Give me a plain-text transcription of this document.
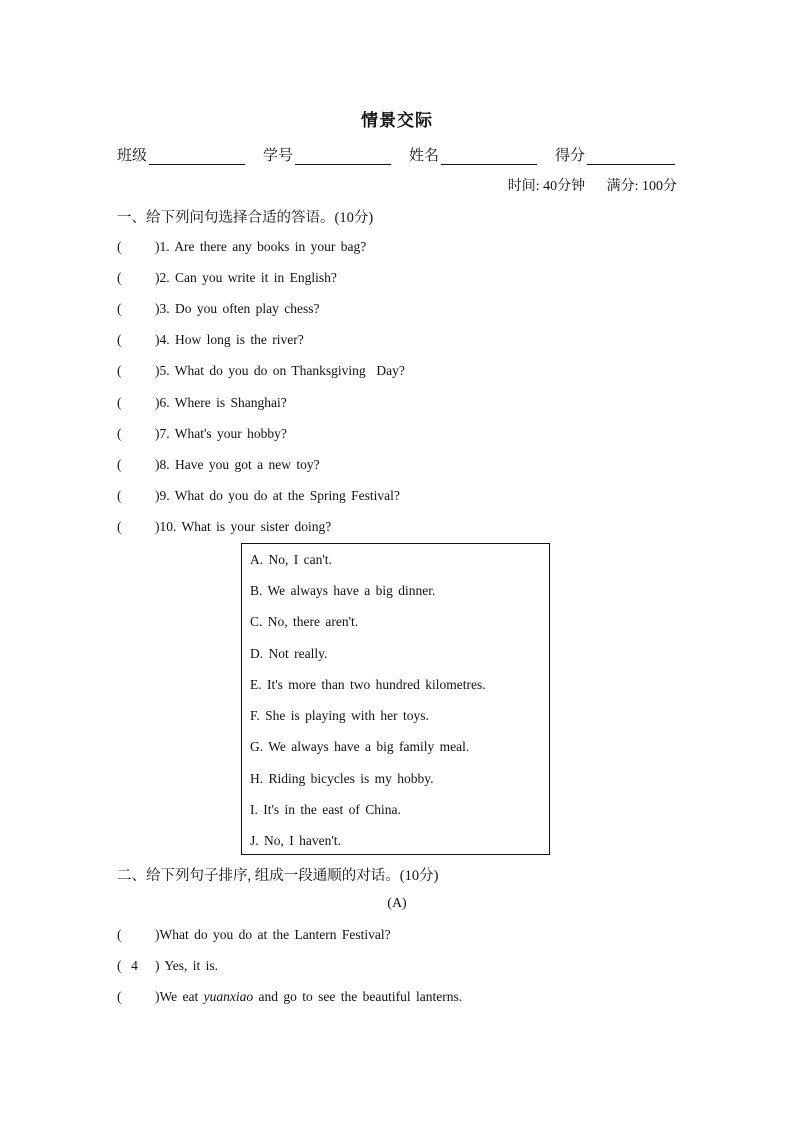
情景交际
班级	学号	姓名	得分
时间: 40分钟 满分: 100分
一、给下列问句选择合适的答语。(10分)
( )1. Are there any books in your bag?
( )2. Can you write it in English?
( )3. Do you often play chess?
( )4. How long is the river?
( )5. What do you do on Thanksgiving  Day?
( )6. Where is Shanghai?
( )7. What's your hobby?
( )8. Have you got a new toy?
( )9. What do you do at the Spring Festival?
( )10. What is your sister doing?
A. No, I can't.
B. We always have a big dinner.
C. No, there aren't.
D. Not really.
E. It's more than two hundred kilometres.
F. She is playing with her toys.
G. We always have a big family meal.
H. Riding bicycles is my hobby.
I. It's in the east of China.
J. No, I haven't.
二、给下列句子排序, 组成一段通顺的对话。(10分)
(A)
( )What do you do at the Lantern Festival?
( 4 ) Yes, it is.
( )We eat yuanxiao and go to see the beautiful lanterns.
